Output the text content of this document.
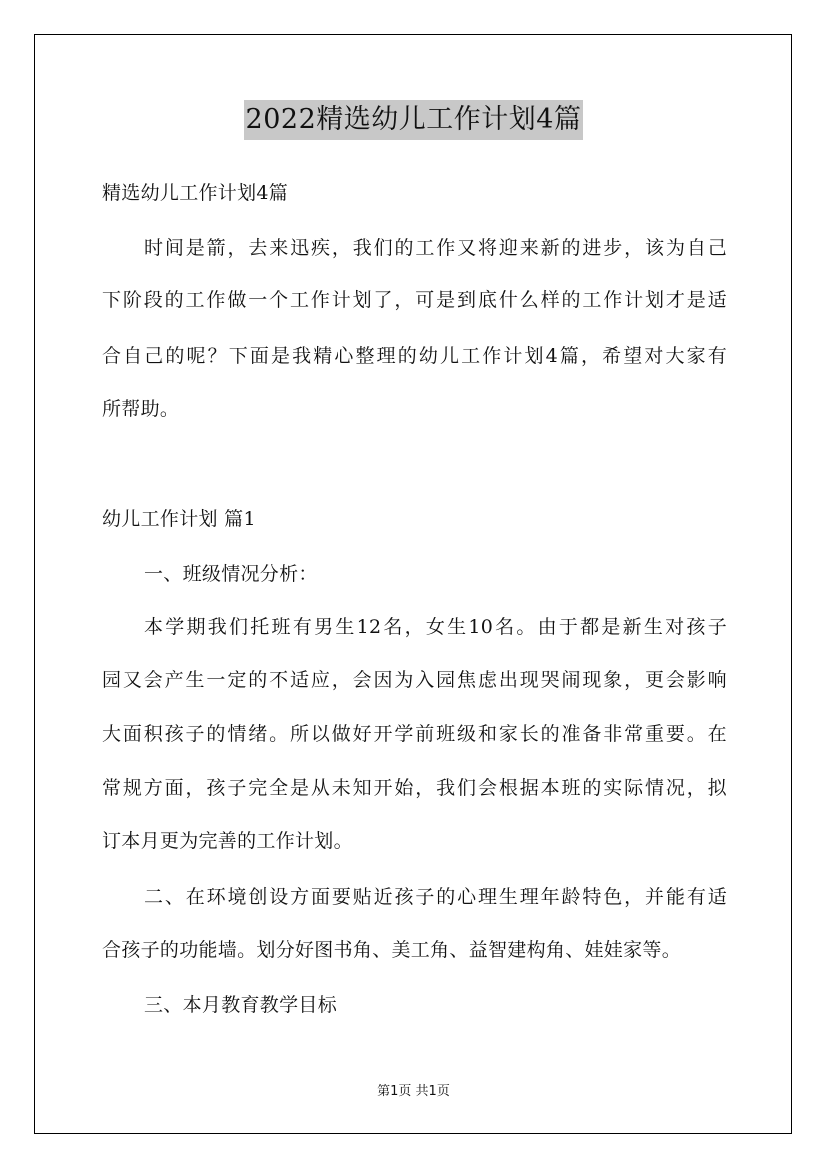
2022精选幼儿工作计划4篇
精选幼儿工作计划4篇
时间是箭，去来迅疾，我们的工作又将迎来新的进步，该为自己
下阶段的工作做一个工作计划了，可是到底什么样的工作计划才是适
合自己的呢？下面是我精心整理的幼儿工作计划4篇，希望对大家有
所帮助。
幼儿工作计划 篇1
一、班级情况分析：
本学期我们托班有男生12名，女生10名。由于都是新生对孩子
园又会产生一定的不适应，会因为入园焦虑出现哭闹现象，更会影响
大面积孩子的情绪。所以做好开学前班级和家长的准备非常重要。在
常规方面，孩子完全是从未知开始，我们会根据本班的实际情况，拟
订本月更为完善的工作计划。
二、在环境创设方面要贴近孩子的心理生理年龄特色，并能有适
合孩子的功能墙。划分好图书角、美工角、益智建构角、娃娃家等。
三、本月教育教学目标
第1页 共1页
